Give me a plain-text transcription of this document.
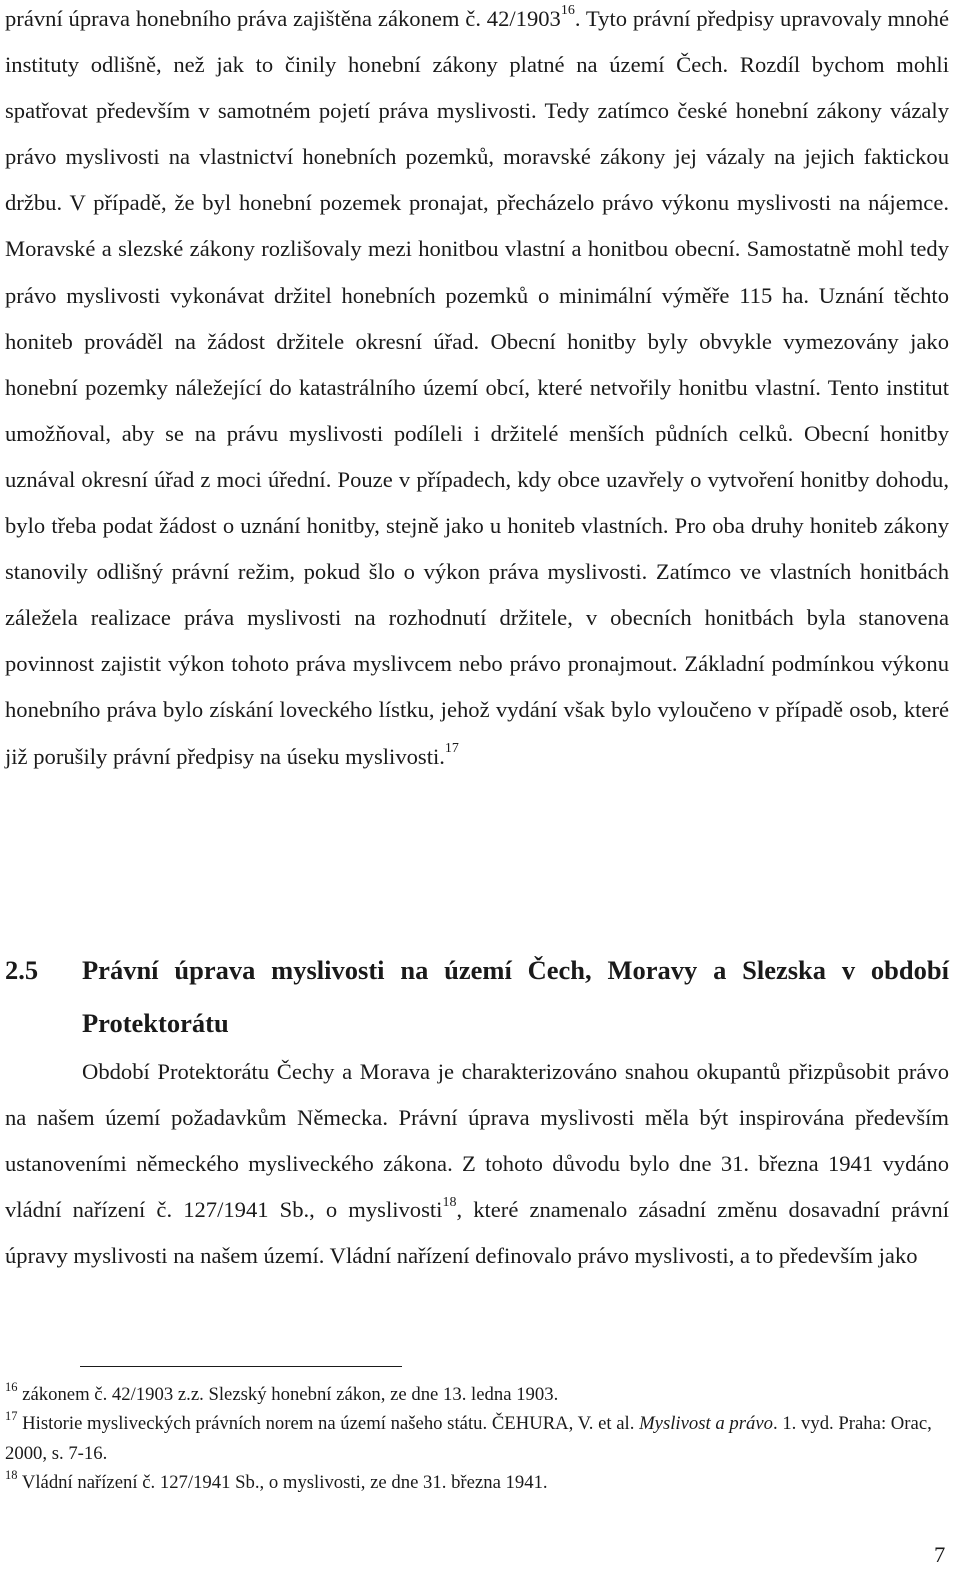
právní úprava honebního práva zajištěna zákonem č. 42/1903$^{16}$. Tyto právní předpisy upravovaly mnohé instituty odlišně, než jak to činily honební zákony platné na území Čech. Rozdíl bychom mohli spatřovat především v samotném pojetí práva myslivosti. Tedy zatímco české honební zákony vázaly právo myslivosti na vlastnictví honebních pozemků, moravské zákony jej vázaly na jejich faktickou držbu. V případě, že byl honební pozemek pronajat, přecházelo právo výkonu myslivosti na nájemce. Moravské a slezské zákony rozlišovaly mezi honitbou vlastní a honitbou obecní. Samostatně mohl tedy právo myslivosti vykonávat držitel honebních pozemků o minimální výměře 115 ha. Uznání těchto honiteb prováděl na žádost držitele okresní úřad. Obecní honitby byly obvykle vymezovány jako honební pozemky náležející do katastrálního území obcí, které netvořily honitbu vlastní. Tento institut umožňoval, aby se na právu myslivosti podíleli i držitelé menších půdních celků. Obecní honitby uznával okresní úřad z moci úřední. Pouze v případech, kdy obce uzavřely o vytvoření honitby dohodu, bylo třeba podat žádost o uznání honitby, stejně jako u honiteb vlastních. Pro oba druhy honiteb zákony stanovily odlišný právní režim, pokud šlo o výkon práva myslivosti. Zatímco ve vlastních honitbách záležela realizace práva myslivosti na rozhodnutí držitele, v obecních honitbách byla stanovena povinnost zajistit výkon tohoto práva myslivcem nebo právo pronajmout. Základní podmínkou výkonu honebního práva bylo získání loveckého lístku, jehož vydání však bylo vyloučeno v případě osob, které již porušily právní předpisy na úseku myslivosti.$^{17}$

2.5 Právní úprava myslivosti na území Čech, Moravy a Slezska v období Protektorátu

Období Protektorátu Čechy a Morava je charakterizováno snahou okupantů přizpůsobit právo na našem území požadavkům Německa. Právní úprava myslivosti měla být inspirována především ustanoveními německého mysliveckého zákona. Z tohoto důvodu bylo dne 31. března 1941 vydáno vládní nařízení č. 127/1941 Sb., o myslivosti$^{18}$, které znamenalo zásadní změnu dosavadní právní úpravy myslivosti na našem území. Vládní nařízení definovalo právo myslivosti, a to především jako

$^{16}$ zákonem č. 42/1903 z.z. Slezský honební zákon, ze dne 13. ledna 1903.

$^{17}$ Historie mysliveckých právních norem na území našeho státu. ČEHURA, V. et al. Myslivost a právo. 1. vyd. Praha: Orac, 2000, s. 7-16.

$^{18}$ Vládní nařízení č. 127/1941 Sb., o myslivosti, ze dne 31. března 1941.

7
